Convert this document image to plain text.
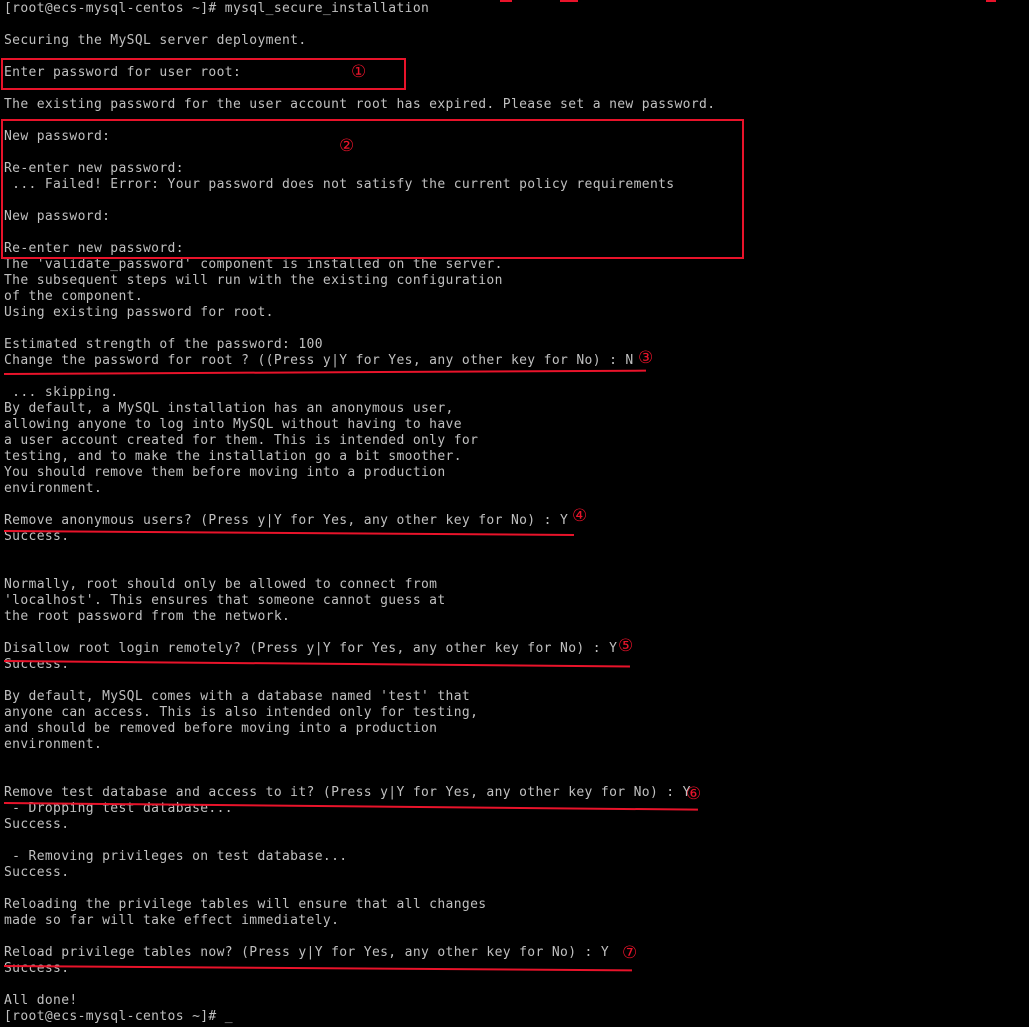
[root@ecs-mysql-centos ~]# mysql_secure_installation
Securing the MySQL server deployment.
Enter password for user root:
The existing password for the user account root has expired. Please set a new password.
New password:
Re-enter new password:
... Failed! Error: Your password does not satisfy the current policy requirements
New password:
Re-enter new password:
The 'validate_password' component is installed on the server.
The subsequent steps will run with the existing configuration
of the component.
Using existing password for root.
Estimated strength of the password: 100
Change the password for root ? ((Press y|Y for Yes, any other key for No) : N
... skipping.
By default, a MySQL installation has an anonymous user,
allowing anyone to log into MySQL without having to have
a user account created for them. This is intended only for
testing, and to make the installation go a bit smoother.
You should remove them before moving into a production
environment.
Remove anonymous users? (Press y|Y for Yes, any other key for No) : Y
Success.
Normally, root should only be allowed to connect from
'localhost'. This ensures that someone cannot guess at
the root password from the network.
Disallow root login remotely? (Press y|Y for Yes, any other key for No) : Y
Success.
By default, MySQL comes with a database named 'test' that
anyone can access. This is also intended only for testing,
and should be removed before moving into a production
environment.
Remove test database and access to it? (Press y|Y for Yes, any other key for No) : Y
- Dropping test database...
Success.
- Removing privileges on test database...
Success.
Reloading the privilege tables will ensure that all changes
made so far will take effect immediately.
Reload privilege tables now? (Press y|Y for Yes, any other key for No) : Y
Success.
All done!
[root@ecs-mysql-centos ~]# _
①
②
③
④
⑤
⑥
⑦
